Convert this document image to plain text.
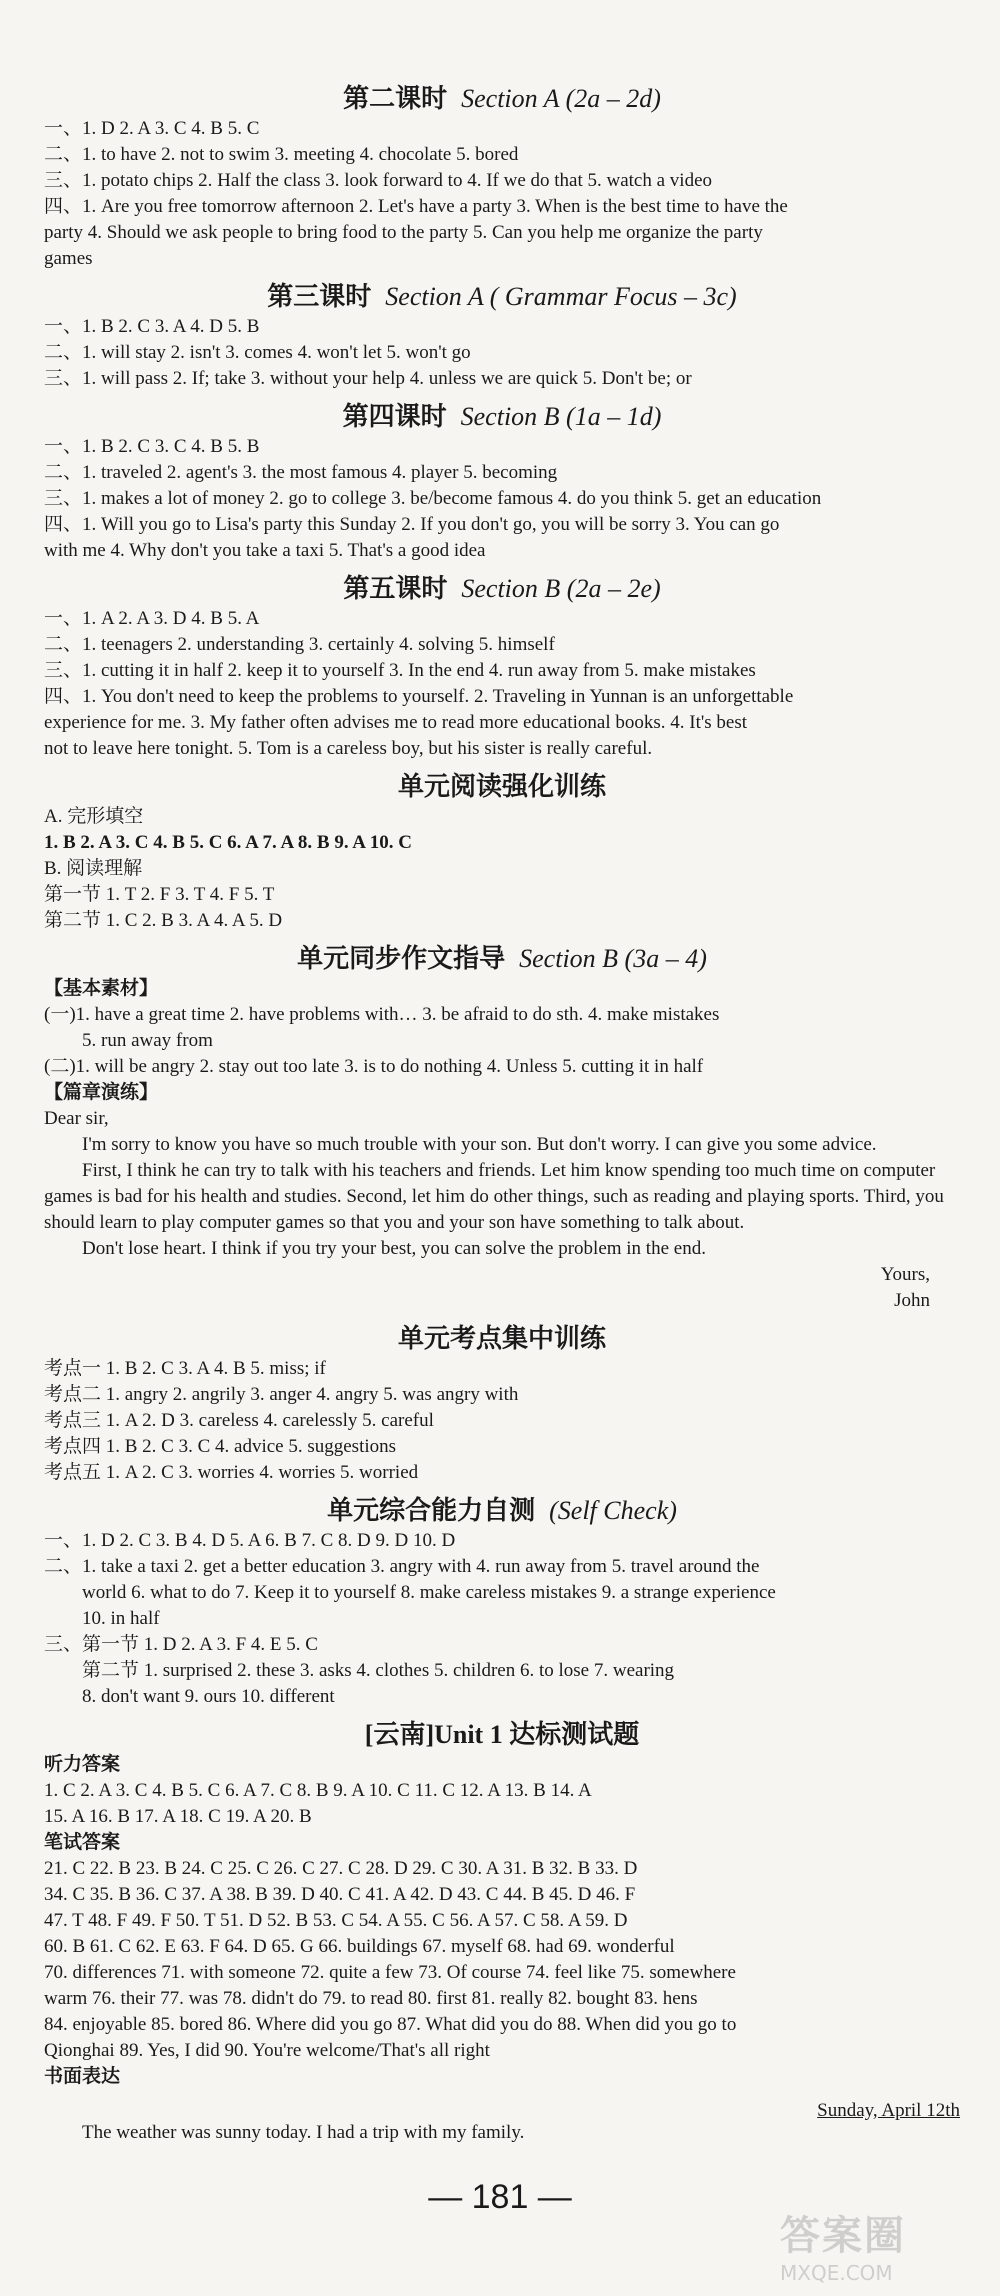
第二课时 Section A (2a – 2d)
一、1. D 2. A 3. C 4. B 5. C
二、1. to have 2. not to swim 3. meeting 4. chocolate 5. bored
三、1. potato chips 2. Half the class 3. look forward to 4. If we do that 5. watch a video
四、1. Are you free tomorrow afternoon 2. Let's have a party 3. When is the best time to have the
party 4. Should we ask people to bring food to the party 5. Can you help me organize the party
games
第三课时 Section A ( Grammar Focus – 3c)
一、1. B 2. C 3. A 4. D 5. B
二、1. will stay 2. isn't 3. comes 4. won't let 5. won't go
三、1. will pass 2. If; take 3. without your help 4. unless we are quick 5. Don't be; or
第四课时 Section B (1a – 1d)
一、1. B 2. C 3. C 4. B 5. B
二、1. traveled 2. agent's 3. the most famous 4. player 5. becoming
三、1. makes a lot of money 2. go to college 3. be/become famous 4. do you think 5. get an education
四、1. Will you go to Lisa's party this Sunday 2. If you don't go, you will be sorry 3. You can go
with me 4. Why don't you take a taxi 5. That's a good idea
第五课时 Section B (2a – 2e)
一、1. A 2. A 3. D 4. B 5. A
二、1. teenagers 2. understanding 3. certainly 4. solving 5. himself
三、1. cutting it in half 2. keep it to yourself 3. In the end 4. run away from 5. make mistakes
四、1. You don't need to keep the problems to yourself. 2. Traveling in Yunnan is an unforgettable
experience for me. 3. My father often advises me to read more educational books. 4. It's best
not to leave here tonight. 5. Tom is a careless boy, but his sister is really careful.
单元阅读强化训练
A. 完形填空
1. B 2. A 3. C 4. B 5. C 6. A 7. A 8. B 9. A 10. C
B. 阅读理解
第一节 1. T 2. F 3. T 4. F 5. T
第二节 1. C 2. B 3. A 4. A 5. D
单元同步作文指导 Section B (3a – 4)
【基本素材】
(一)1. have a great time 2. have problems with… 3. be afraid to do sth. 4. make mistakes
5. run away from
(二)1. will be angry 2. stay out too late 3. is to do nothing 4. Unless 5. cutting it in half
【篇章演练】
Dear sir,
I'm sorry to know you have so much trouble with your son. But don't worry. I can give you some advice.
First, I think he can try to talk with his teachers and friends. Let him know spending too much time on computer games is bad for his health and studies. Second, let him do other things, such as reading and playing sports. Third, you should learn to play computer games so that you and your son have something to talk about.
Don't lose heart. I think if you try your best, you can solve the problem in the end.
Yours,
John
单元考点集中训练
考点一 1. B 2. C 3. A 4. B 5. miss; if
考点二 1. angry 2. angrily 3. anger 4. angry 5. was angry with
考点三 1. A 2. D 3. careless 4. carelessly 5. careful
考点四 1. B 2. C 3. C 4. advice 5. suggestions
考点五 1. A 2. C 3. worries 4. worries 5. worried
单元综合能力自测 (Self Check)
一、1. D 2. C 3. B 4. D 5. A 6. B 7. C 8. D 9. D 10. D
二、1. take a taxi 2. get a better education 3. angry with 4. run away from 5. travel around the
world 6. what to do 7. Keep it to yourself 8. make careless mistakes 9. a strange experience
10. in half
三、第一节 1. D 2. A 3. F 4. E 5. C
第二节 1. surprised 2. these 3. asks 4. clothes 5. children 6. to lose 7. wearing
8. don't want 9. ours 10. different
[云南]Unit 1 达标测试题
听力答案
1. C 2. A 3. C 4. B 5. C 6. A 7. C 8. B 9. A 10. C 11. C 12. A 13. B 14. A
15. A 16. B 17. A 18. C 19. A 20. B
笔试答案
21. C 22. B 23. B 24. C 25. C 26. C 27. C 28. D 29. C 30. A 31. B 32. B 33. D
34. C 35. B 36. C 37. A 38. B 39. D 40. C 41. A 42. D 43. C 44. B 45. D 46. F
47. T 48. F 49. F 50. T 51. D 52. B 53. C 54. A 55. C 56. A 57. C 58. A 59. D
60. B 61. C 62. E 63. F 64. D 65. G 66. buildings 67. myself 68. had 69. wonderful
70. differences 71. with someone 72. quite a few 73. Of course 74. feel like 75. somewhere
warm 76. their 77. was 78. didn't do 79. to read 80. first 81. really 82. bought 83. hens
84. enjoyable 85. bored 86. Where did you go 87. What did you do 88. When did you go to
Qionghai 89. Yes, I did 90. You're welcome/That's all right
书面表达
The weather was sunny today. I had a trip with my family.
Sunday, April 12th
— 181 —
答案圈
MXQE.COM
